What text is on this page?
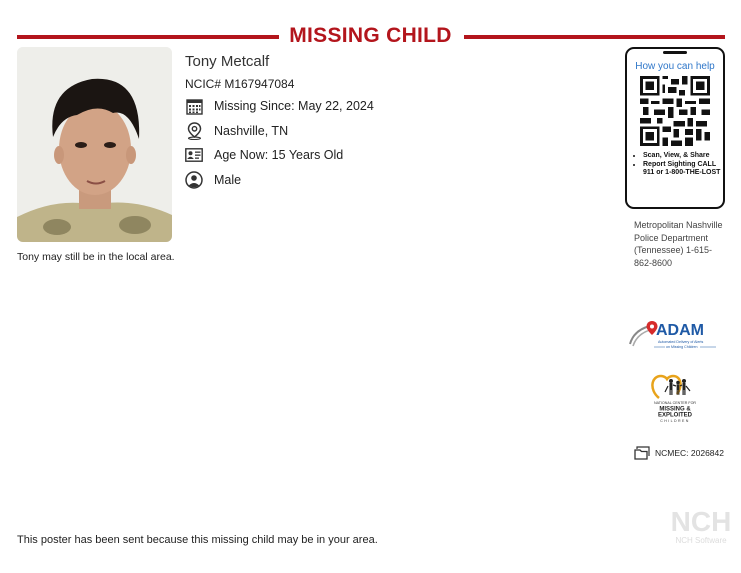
MISSING CHILD
Tony Metcalf
NCIC# M167947084
Missing Since: May 22, 2024
Nashville, TN
Age Now: 15 Years Old
Male
Tony may still be in the local area.
How you can help
• Scan, View, & Share
• Report Sighting CALL 911 or 1-800-THE-LOST
Metropolitan Nashville Police Department (Tennessee) 1-615-862-8600
ADAM
Automated Delivery of Alerts
on Missing Children
NATIONAL CENTER FOR
MISSING &
EXPLOITED
CHILDREN
NCMEC: 2026842
NCH
NCH Software
This poster has been sent because this missing child may be in your area.
